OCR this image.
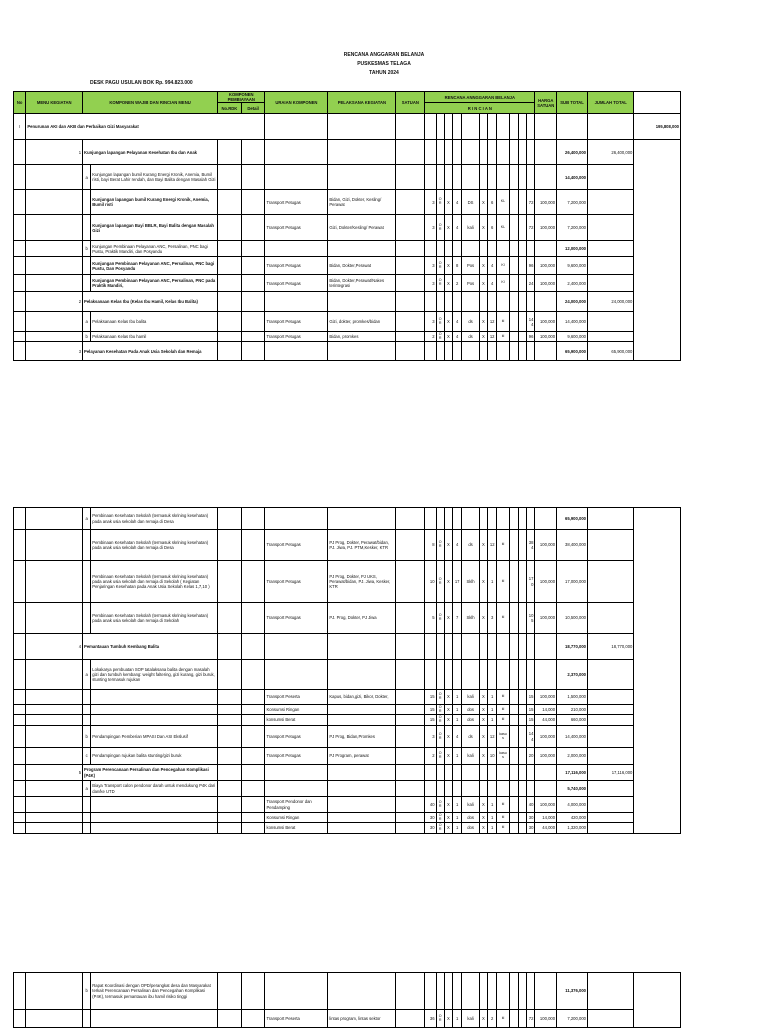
RENCANA ANGGARAN BELANJA
PUSKESMAS TELAGA
TAHUN 2024
DESK PAGU USULAN BOK Rp. 994.823.000
No	MENU KEGIATAN	KOMPONEN WAJIB DAN RINCIAN MENU		KOMPONEN PEMBIAYAAN		URAIAN KOMPONEN	PELAKSANA KEGIATAN	SATUAN	RENCANA ANNGGARAN BELANJA											HARGA SATUAN	SUB TOTAL	JUMLAH TOTAL	
				No.RDK	Detail				R I N C I A N														
I	Penurunan AKI dan AKB dan Perbaikan Gizi Masyarakat																						195,808,000
	1	Kunjungan lapangan Pelayanan Kesehatan Ibu dan Anak																			26,400,000	26,400,000	
		a	Kunjungan lapangan bumil Kurang Energi Kronik, Anemia, Bumil risti, bayi Berat Lahir rendah, dan Bayi Balita dengan Masalah Gizi																		14,400,000		
			Kunjungan lapangan bumil Kurang Energi Kronik, Anemia, Bumil risti			Transport Petugas	Bidan, Gizi, Dokter, Kesling/ Perawat		3	O R	X	4	DS	X	6	KL			72	100,000	7,200,000		
			Kunjungan lapangan Bayi BBLR, Bayi Balita dengan Masalah Gizi			Transport Petugas	Gizi, Dokter/Kesling/ Perawat		3	O R	X	4	kali	X	6	KL			72	100,000	7,200,000		
		b	Kunjungan Pembinaan Pelayanan ANC, Persalinan, PNC bagi Pustu, Praktik Mandiri, dan Posyandu																		12,000,000		
			Kunjungan Pembinaan Pelayanan ANC, Persalinan, PNC bagi Pustu, Dan Posyandu			Transport Petugas	Bidan, Dokter,Perawat		3	O R	X	8	Pos	X	4	Kl			96	100,000	9,600,000		
			Kunjungan Pembinaan Pelayanan ANC, Persalinan, PNC pada Praktik Mandiri,			Transport Petugas	Bidan, Dokter,Perawat/Nakes terintegrasi		3	O R	X	2	Pos	X	4	Kl			24	100,000	2,400,000		
	2	Pelaksanaan Kelas Ibu (Kelas Ibu Hamil, Kelas Ibu Balita)																			24,000,000	24,000,000	
		a	Pelaksanaan Kelas Ibu balita			Transport Petugas	Gizi, dokter, promkes/bidan		3	O R	X	4	ds	X	12	kl			144	100,000	14,400,000		
		b	Pelaksanaan Kelas Ibu hamil			Transport Petugas	Bidan, promkes		2	O R	X	4	ds	X	12	kl			96	100,000	9,600,000		
	3	Pelayanan Kesehatan Pada Anak Usia Sekolah dan Remaja																			65,900,000	65,900,000	
		a	Pembinaan Kesehatan Sekolah (termasuk skrining kesehatan) pada anak usia sekolah dan remaja di Desa																		65,900,000	
			Pembinaan Kesehatan Sekolah (termasuk skrining kesehatan) pada anak usia sekolah dan remaja di Desa			Transport Petugas	PJ Prog, Dokter, Perawat/bidan, PJ. Jiwa, PJ. PTM,Kesker, KTR		8	O R	X	4	ds	X	12	kl			384	100,000	38,400,000	
			Pembinaan Kesehatan Sekolah (termasuk skrining kesehatan) pada anak usia sekolah dan remaja di Sekolah ( Kegiatan Penjaringan Kesehatan pada Anak Usia Sekolah Kelas 1,7,10 )			Transport Petugas	PJ Prog, Dokter, PJ UKS, Perawat/bidan, PJ. Jiwa, Kesker, KTR		10	O R	X	17	Sklh	X	1	kl			170	100,000	17,000,000	
			Pembinaan Kesehatan Sekolah (termasuk skrining kesehatan) pada anak usia sekolah dan remaja di Sekolah			Transport Petugas	PJ. Prog, Dokter, PJ Jiwa		5	O R	X	7	Sklh	X	3	kl			105	100,000	10,500,000	
	4	Pemantauan Tumbuh Kembang Balita																			18,770,000	18,770,000
		a	Lokakarya pembuatan SOP tatalaksana balita dengan masalah gizi dan tumbuh kembang: weight faltering, gizi kurang, gizi buruk, stunting termasuk rujukan																		2,370,000	
						Transport Peserta	Kapus, bidan,gizi, Bikor, Dokter,		15	O R	X	1	kali	X	1	kl			15	100,000	1,500,000	
						Konsumsi Ringan			15	O R	X	1	dos	X	1	kl			15	14,000	210,000	
						konsumsi Berat			15	O R	X	1	dos	X	1	kl			15	44,000	660,000	
		b	Pendampingan Pemberian MPASI Dan ASI Ekslusif			Transport Petugas	PJ Prog, Bidan,Promkes		3	O R	X	4	ds	X	12	kasu s			144	100,000	14,400,000	
		c	Pendampingan rujukan balita stunting/gizi buruk			Transport Petugas	PJ Program, perawat		2	O R	X	1	kali	X	10	kasu s			20	100,000	2,000,000	
	5	Program Perencanaan Persalinan dan Pencegahan Komplikasi (P4K)																			17,116,000	17,116,000
		a	Biaya Transport calon pendonor darah untuk mendukung P4K dari dan/ke UTD																		5,740,000	
						Transport Pendonor dan Pendamping			40	O R	X	1	kali	X	1	kl			40	100,000	4,000,000	
						Konsumsi Ringan			30	O R	X	1	dos	X	1	kl			30	14,000	420,000	
						konsumsi Berat			30	O R	X	1	dos	X	1	kl			30	44,000	1,320,000	
		b	Rapat Koordinasi dengan OPD/perangkat desa dan Masyarakat terkait Perencanaan Persalinan dan Pencegahan Komplikasi (P4K), termasuk pemantauan ibu hamil risiko tinggi																		11,376,000	
						Transport Peserta	lintas program, lintas sektor		36	O R	X	1	kali	X	2	kl			72	100,000	7,200,000	
